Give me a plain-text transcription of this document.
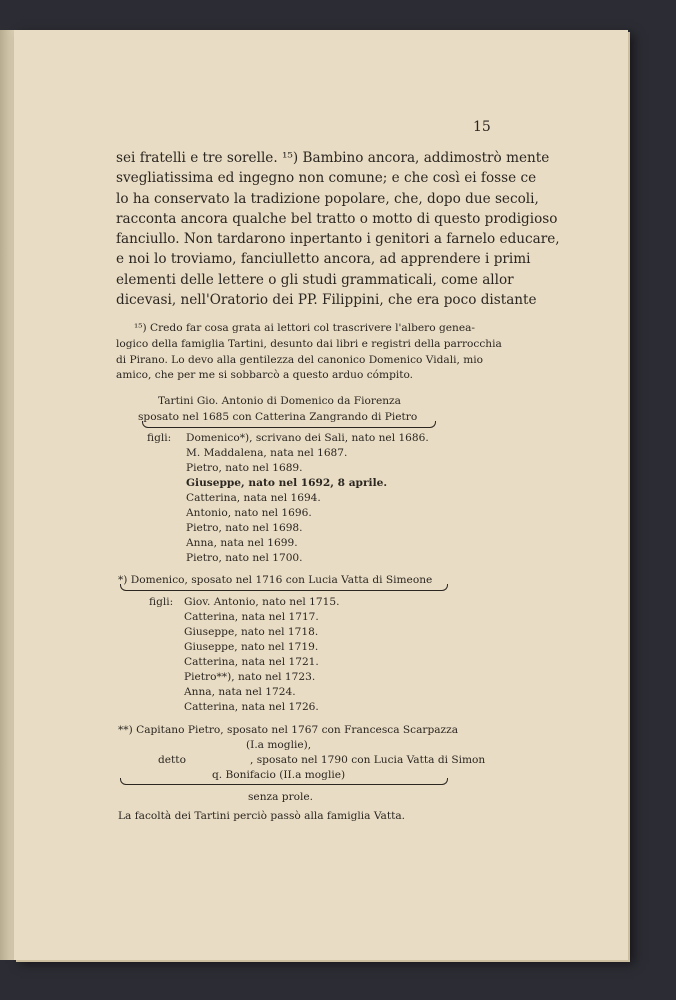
15
sei fratelli e tre sorelle. ¹⁵) Bambino ancora, addimostrò mente
svegliatissima ed ingegno non comune; e che così ei fosse ce
lo ha conservato la tradizione popolare, che, dopo due secoli,
racconta ancora qualche bel tratto o motto di questo prodigioso
fanciullo. Non tardarono inpertanto i genitori a farnelo educare,
e noi lo troviamo, fanciulletto ancora, ad apprendere i primi
elementi delle lettere o gli studi grammaticali, come allor
dicevasi, nell'Oratorio dei PP. Filippini, che era poco distante
¹⁵) Credo far cosa grata ai lettori col trascrivere l'albero genea-
logico della famiglia Tartini, desunto dai libri e registri della parrocchia
di Pirano. Lo devo alla gentilezza del canonico Domenico Vidali, mio
amico, che per me si sobbarcò a questo arduo cómpito.
Tartini Gio. Antonio di Domenico da Fiorenza
sposato nel 1685 con Catterina Zangrando di Pietro
figli: Domenico*), scrivano dei Sali, nato nel 1686.
M. Maddalena, nata nel 1687.
Pietro, nato nel 1689.
Giuseppe, nato nel 1692, 8 aprile.
Catterina, nata nel 1694.
Antonio, nato nel 1696.
Pietro, nato nel 1698.
Anna, nata nel 1699.
Pietro, nato nel 1700.
*) Domenico, sposato nel 1716 con Lucia Vatta di Simeone
figli: Giov. Antonio, nato nel 1715.
Catterina, nata nel 1717.
Giuseppe, nato nel 1718.
Giuseppe, nato nel 1719.
Catterina, nata nel 1721.
Pietro**), nato nel 1723.
Anna, nata nel 1724.
Catterina, nata nel 1726.
**) Capitano Pietro, sposato nel 1767 con Francesca Scarpazza
(I.a moglie),
detto	, sposato nel 1790 con Lucia Vatta di Simon
q. Bonifacio (II.a moglie)
senza prole.
La facoltà dei Tartini perciò passò alla famiglia Vatta.
